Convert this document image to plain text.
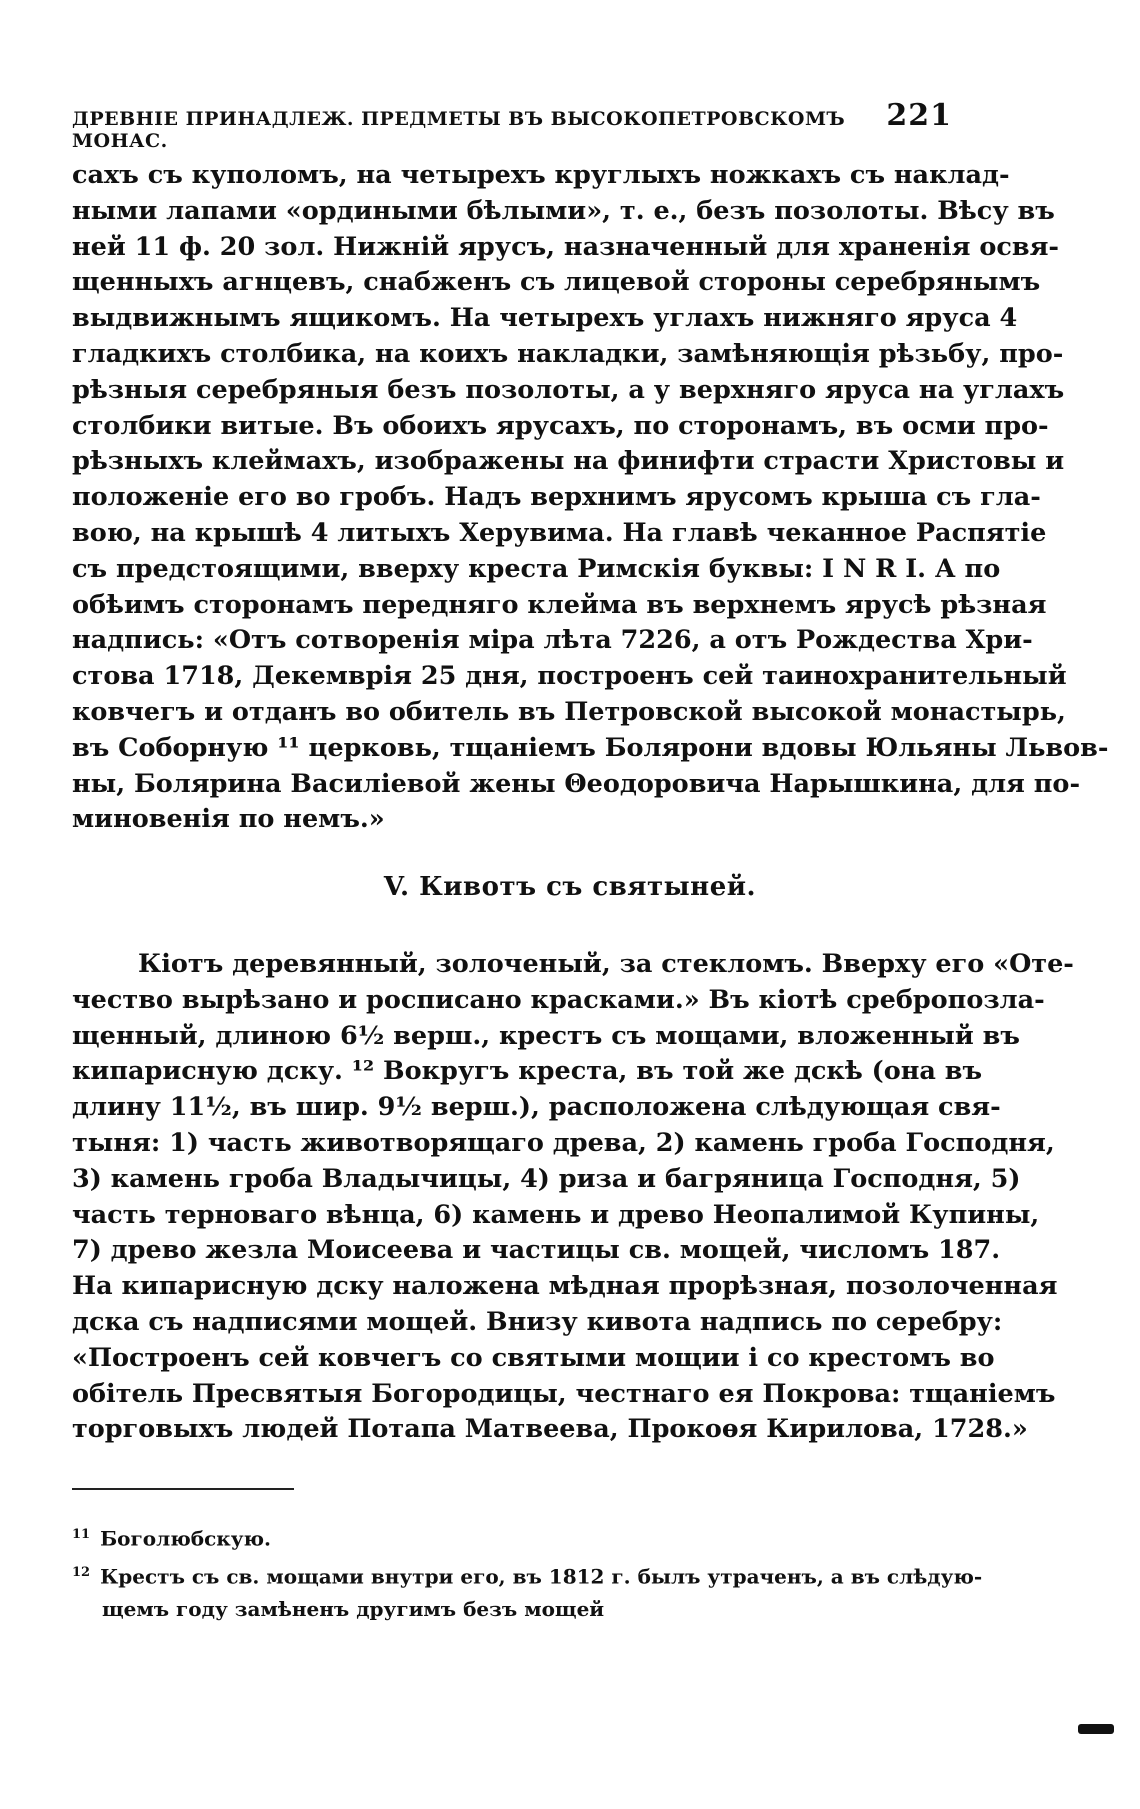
ДРЕВНІЕ ПРИНАДЛЕЖ. ПРЕДМЕТЫ ВЪ ВЫСОКОПЕТРОВСКОМЪ МОНАС.
221
сахъ съ куполомъ, на четырехъ круглыхъ ножкахъ съ наклад-
ными лапами «ордиными бѣлыми», т. е., безъ позолоты. Вѣсу въ
ней 11 ф. 20 зол. Нижній ярусъ, назначенный для храненія освя-
щенныхъ агнцевъ, снабженъ съ лицевой стороны серебрянымъ
выдвижнымъ ящикомъ. На четырехъ углахъ нижняго яруса 4
гладкихъ столбика, на коихъ накладки, замѣняющія рѣзьбу, про-
рѣзныя серебряныя безъ позолоты, а у верхняго яруса на углахъ
столбики витые. Въ обоихъ ярусахъ, по сторонамъ, въ осми про-
рѣзныхъ клеймахъ, изображены на финифти страсти Христовы и
положеніе его во гробъ. Надъ верхнимъ ярусомъ крыша съ гла-
вою, на крышѣ 4 литыхъ Херувима. На главѣ чеканное Распятіе
съ предстоящими, вверху креста Римскія буквы: I N R I. А по
обѣимъ сторонамъ передняго клейма въ верхнемъ ярусѣ рѣзная
надпись: «Отъ сотворенія міра лѣта 7226, а отъ Рождества Хри-
стова 1718, Декемврія 25 дня, построенъ сей таинохранительный
ковчегъ и отданъ во обитель въ Петровской высокой монастырь,
въ Соборную ¹¹ церковь, тщаніемъ Болярони вдовы Юльяны Львов-
ны, Болярина Василіевой жены Θеодоровича Нарышкина, для по-
миновенія по немъ.»
V. Кивотъ съ святыней.
Кіотъ деревянный, золоченый, за стекломъ. Вверху его «Оте-
чество вырѣзано и росписано красками.» Въ кіотѣ сребропозла-
щенный, длиною 6½ верш., крестъ съ мощами, вложенный въ
кипарисную дску. ¹² Вокругъ креста, въ той же дскѣ (она въ
длину 11½, въ шир. 9½ верш.), расположена слѣдующая свя-
тыня: 1) часть животворящаго древа, 2) камень гроба Господня,
3) камень гроба Владычицы, 4) риза и багряница Господня, 5)
часть терноваго вѣнца, 6) камень и древо Неопалимой Купины,
7) древо жезла Моисеева и частицы св. мощей, числомъ 187.
На кипарисную дску наложена мѣдная прорѣзная, позолоченная
дска съ надписями мощей. Внизу кивота надпись по серебру:
«Построенъ сей ковчегъ со святыми мощии і со крестомъ во
обітель Пресвятыя Богородицы, честнаго ея Покрова: тщаніемъ
торговыхъ людей Потапа Матвеева, Прокоѳя Кирилова, 1728.»
$^{11}$ Боголюбскую.
$^{12}$ Крестъ съ св. мощами внутри его, въ 1812 г. былъ утраченъ, а въ слѣдую-
щемъ году замѣненъ другимъ безъ мощей
